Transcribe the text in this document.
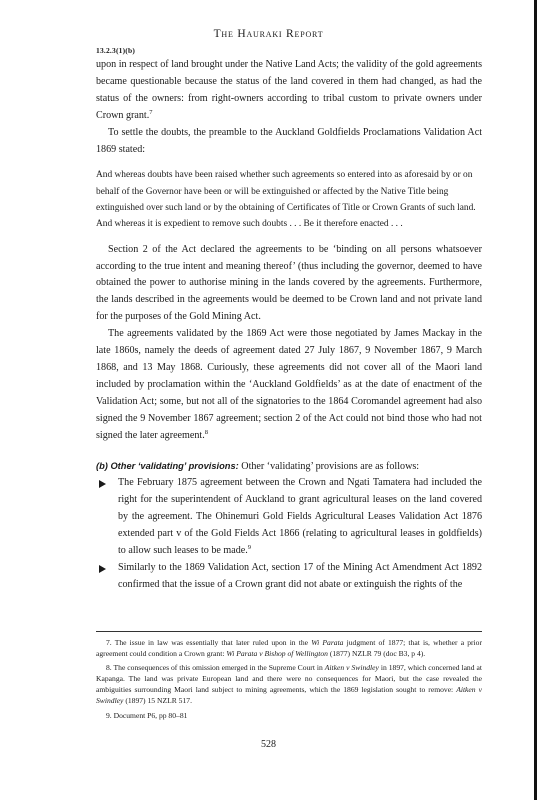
The Hauraki Report
13.2.3(1)(b)

upon in respect of land brought under the Native Land Acts; the validity of the gold agreements became questionable because the status of the land covered in them had changed, as had the status of the owners: from right-owners according to tribal custom to private owners under Crown grant.$^7$

To settle the doubts, the preamble to the Auckland Goldfields Proclamations Validation Act 1869 stated:

And whereas doubts have been raised whether such agreements so entered into as aforesaid by or on behalf of the Governor have been or will be extinguished or affected by the Native Title being extinguished over such land or by the obtaining of Certificates of Title or Crown Grants of such land. And whereas it is expedient to remove such doubts . . . Be it therefore enacted . . .

Section 2 of the Act declared the agreements to be ‘binding on all persons whatsoever according to the true intent and meaning thereof’ (thus including the governor, deemed to have obtained the power to authorise mining in the lands covered by the agreements. Furthermore, the lands described in the agreements would be deemed to be Crown land and not private land for the purposes of the Gold Mining Act.

The agreements validated by the 1869 Act were those negotiated by James Mackay in the late 1860s, namely the deeds of agreement dated 27 July 1867, 9 November 1867, 9 March 1868, and 13 May 1868. Curiously, these agreements did not cover all of the Maori land included by proclamation within the ‘Auckland Goldfields’ as at the date of enactment of the Validation Act; some, but not all of the signatories to the 1864 Coromandel agreement had also signed the 9 November 1867 agreement; section 2 of the Act could not bind those who had not signed the later agreement.$^8$

(b) Other ‘validating’ provisions: Other ‘validating’ provisions are as follows:

The February 1875 agreement between the Crown and Ngati Tamatera had included the right for the superintendent of Auckland to grant agricultural leases on the land covered by the agreement. The Ohinemuri Gold Fields Agricultural Leases Validation Act 1876 extended part v of the Gold Fields Act 1866 (relating to agricultural leases in goldfields) to allow such leases to be made.$^9$
Similarly to the 1869 Validation Act, section 17 of the Mining Act Amendment Act 1892 confirmed that the issue of a Crown grant did not abate or extinguish the rights of the

7. The issue in law was essentially that later ruled upon in the Wi Parata judgment of 1877; that is, whether a prior agreement could condition a Crown grant: Wi Parata v Bishop of Wellington (1877) NZLR 79 (doc B3, p 4).

8. The consequences of this omission emerged in the Supreme Court in Aitken v Swindley in 1897, which concerned land at Kapanga. The land was private European land and there were no consequences for Maori, but the case revealed the ambiguities surrounding Maori land subject to mining agreements, which the 1869 legislation sought to remove: Aitken v Swindley (1897) 15 NZLR 517.

9. Document P6, pp 80–81

528
